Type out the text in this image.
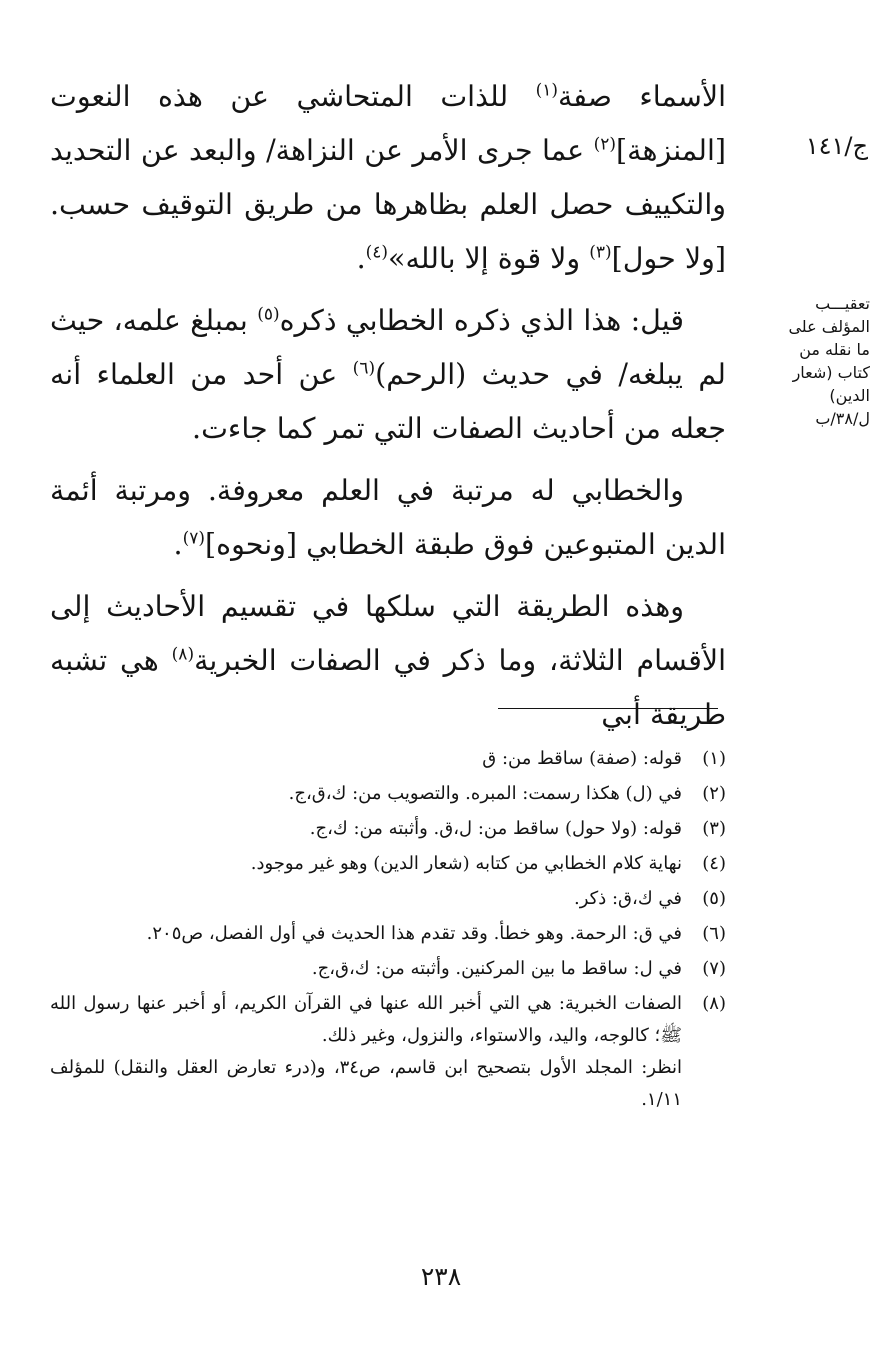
الأسماء صفة$^{(١)}$ للذات المتحاشي عن هذه النعوت [المنزهة]$^{(٢)}$ عما جرى الأمر عن النزاهة/ والبعد عن التحديد والتكييف حصل العلم بظاهرها من طريق التوقيف حسب. [ولا حول]$^{(٣)}$ ولا قوة إلا بالله»$^{(٤)}$.

قيل: هذا الذي ذكره الخطابي ذكره$^{(٥)}$ بمبلغ علمه، حيث لم يبلغه/ في حديث (الرحم)$^{(٦)}$ عن أحد من العلماء أنه جعله من أحاديث الصفات التي تمر كما جاءت.

والخطابي له مرتبة في العلم معروفة. ومرتبة أئمة الدين المتبوعين فوق طبقة الخطابي [ونحوه]$^{(٧)}$.

وهذه الطريقة التي سلكها في تقسيم الأحاديث إلى الأقسام الثلاثة، وما ذكر في الصفات الخبرية$^{(٨)}$ هي تشبه طريقة أبي

ج/١٤١
تعقيـــب
المؤلف على
ما نقله من
كتاب (شعار
الدين)
ل/٣٨/ب
(١)

قوله: (صفة) ساقط من: ق

(٢)

في (ل) هكذا رسمت: المبره. والتصويب من: ك،ق،ج.

(٣)

قوله: (ولا حول) ساقط من: ل،ق. وأثبته من: ك،ج.

(٤)

نهاية كلام الخطابي من كتابه (شعار الدين) وهو غير موجود.

(٥)

في ك،ق: ذكر.

(٦)

في ق: الرحمة. وهو خطأ. وقد تقدم هذا الحديث في أول الفصل، ص٢٠٥.

(٧)

في ل: ساقط ما بين المركنين. وأثبته من: ك،ق،ج.

(٨)

الصفات الخبرية: هي التي أخبر الله عنها في القرآن الكريم، أو أخبر عنها رسول الله ﷺ؛ كالوجه، واليد، والاستواء، والنزول، وغير ذلك.

انظر: المجلد الأول بتصحيح ابن قاسم، ص٣٤، و(درء تعارض العقل والنقل) للمؤلف ١/١١.

٢٣٨
